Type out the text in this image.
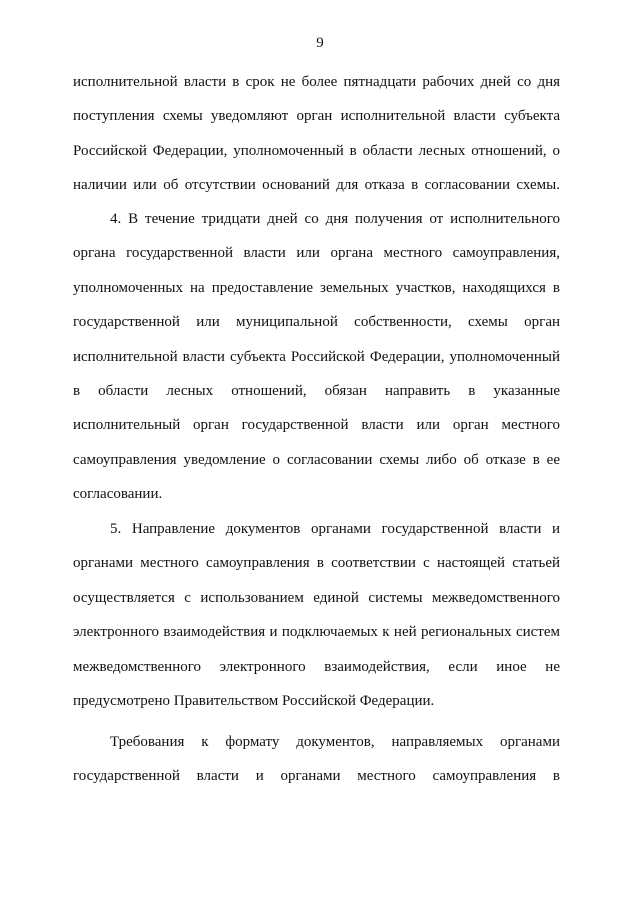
9
исполнительной власти в срок не более пятнадцати рабочих дней со дня
поступления схемы уведомляют орган исполнительной власти субъекта
Российской Федерации, уполномоченный в области лесных отношений, о
наличии или об отсутствии оснований для отказа в согласовании схемы.
4. В течение тридцати дней со дня получения от исполнительного
органа государственной власти или органа местного самоуправления,
уполномоченных на предоставление земельных участков, находящихся в
государственной или муниципальной собственности, схемы орган
исполнительной власти субъекта Российской Федерации, уполномоченный
в области лесных отношений, обязан направить в указанные
исполнительный орган государственной власти или орган местного
самоуправления уведомление о согласовании схемы либо об отказе в ее
согласовании.
5. Направление документов органами государственной власти и
органами местного самоуправления в соответствии с настоящей статьей
осуществляется с использованием единой системы межведомственного
электронного взаимодействия и подключаемых к ней региональных систем
межведомственного электронного взаимодействия, если иное не
предусмотрено Правительством Российской Федерации.
Требования к формату документов, направляемых органами
государственной власти и органами местного самоуправления в
